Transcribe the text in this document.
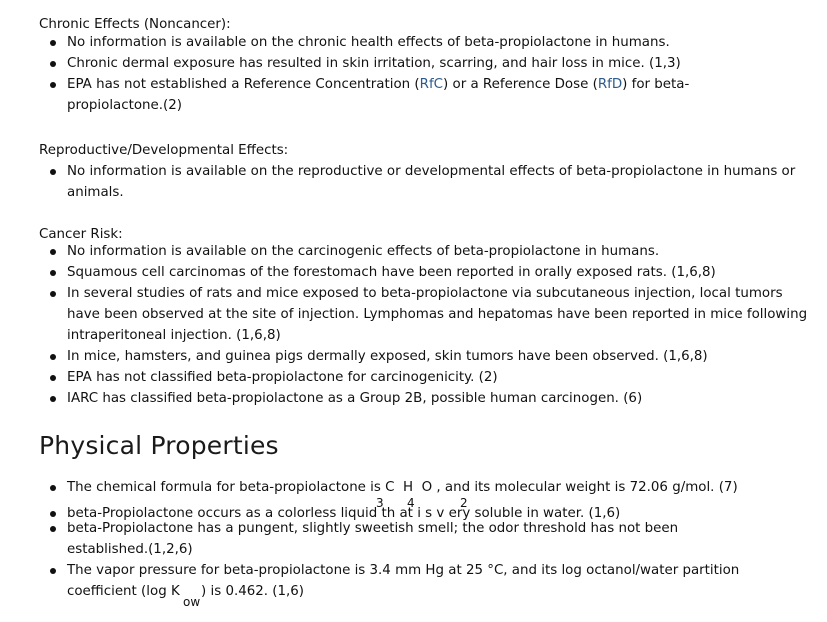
Chronic Effects (Noncancer):
No information is available on the chronic health effects of beta-propiolactone in humans.
Chronic dermal exposure has resulted in skin irritation, scarring, and hair loss in mice. (1,3)
EPA has not established a Reference Concentration (RfC) or a Reference Dose (RfD) for beta-propiolactone.(2)
Reproductive/Developmental Effects:
No information is available on the reproductive or developmental effects of beta-propiolactone in humans or animals.
Cancer Risk:
No information is available on the carcinogenic effects of beta-propiolactone in humans.
Squamous cell carcinomas of the forestomach have been reported in orally exposed rats. (1,6,8)
In several studies of rats and mice exposed to beta-propiolactone via subcutaneous injection, local tumors have been observed at the site of injection. Lymphomas and hepatomas have been reported in mice following intraperitoneal injection. (1,6,8)
In mice, hamsters, and guinea pigs dermally exposed, skin tumors have been observed. (1,6,8)
EPA has not classified beta-propiolactone for carcinogenicity. (2)
IARC has classified beta-propiolactone as a Group 2B, possible human carcinogen. (6)
Physical Properties
The chemical formula for beta-propiolactone is C  H  O , and its molecular weight is 72.06 g/mol. (7)
3 4	2
beta-Propiolactone occurs as a colorless liquid th at i s v ery soluble in water. (1,6)
beta-Propiolactone has a pungent, slightly sweetish smell; the odor threshold has not been established.(1,2,6)
The vapor pressure for beta-propiolactone is 3.4 mm Hg at 25 °C, and its log octanol/water partition coefficient (log K     ) is 0.462. (1,6)
ow
